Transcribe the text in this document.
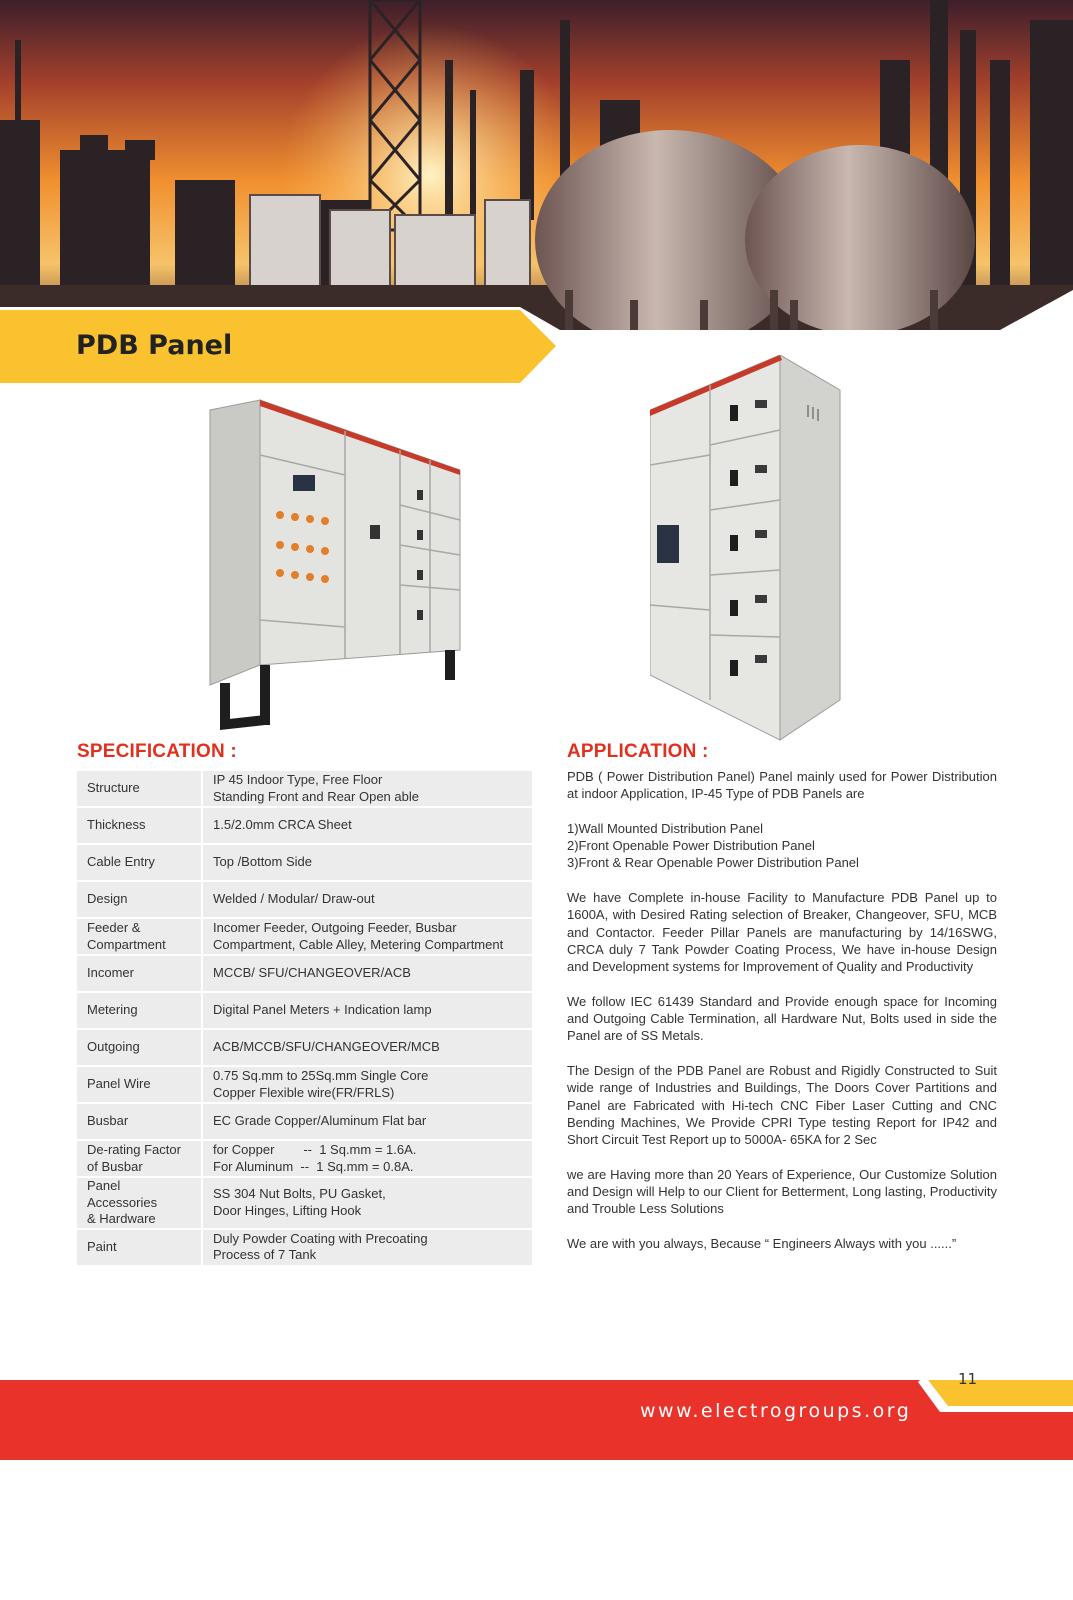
PDB Panel
SPECIFICATION :
Structure	IP 45 Indoor Type, Free Floor
Standing Front and Rear Open able
Thickness	1.5/2.0mm CRCA Sheet
Cable Entry	Top /Bottom Side
Design	Welded / Modular/ Draw-out
Feeder &
Compartment	Incomer Feeder, Outgoing Feeder, Busbar
Compartment, Cable Alley, Metering Compartment
Incomer	MCCB/ SFU/CHANGEOVER/ACB
Metering	Digital Panel Meters + Indication lamp
Outgoing	ACB/MCCB/SFU/CHANGEOVER/MCB
Panel Wire	0.75 Sq.mm to 25Sq.mm Single Core
Copper Flexible wire(FR/FRLS)
Busbar	EC Grade Copper/Aluminum Flat bar
De-rating Factor
of Busbar	for Copper        --  1 Sq.mm = 1.6A.
For Aluminum  --  1 Sq.mm = 0.8A.
Panel Accessories
& Hardware	SS 304 Nut Bolts, PU Gasket,
Door Hinges, Lifting Hook
Paint	Duly Powder Coating with Precoating
Process of 7 Tank
APPLICATION :

PDB ( Power Distribution Panel) Panel mainly used for Power Distribution at indoor Application, IP-45 Type of PDB Panels are

1)Wall Mounted Distribution Panel
2)Front Openable Power Distribution Panel
3)Front & Rear Openable Power Distribution Panel

We have Complete in-house Facility to Manufacture PDB Panel up to 1600A, with Desired Rating selection of Breaker, Changeover, SFU, MCB and Contactor. Feeder Pillar Panels are manufacturing by 14/16SWG, CRCA duly 7 Tank Powder Coating Process, We have in-house Design and Development systems for Improvement of Quality and Productivity

We follow IEC 61439 Standard and Provide enough space for Incoming and Outgoing Cable Termination, all Hardware Nut, Bolts used in side the Panel are of SS Metals.

The Design of the PDB Panel are Robust and Rigidly Constructed to Suit wide range of Industries and Buildings, The Doors Cover Partitions and Panel are Fabricated with Hi-tech CNC Fiber Laser Cutting and CNC Bending Machines, We Provide CPRI Type testing Report for IP42 and Short Circuit Test Report up to 5000A- 65KA for 2 Sec

we are Having more than 20 Years of Experience, Our Customize Solution and Design will Help to our Client for Betterment, Long lasting, Productivity and Trouble Less Solutions

We are with you always, Because “ Engineers Always with you ......”

11

www.electrogroups.org
